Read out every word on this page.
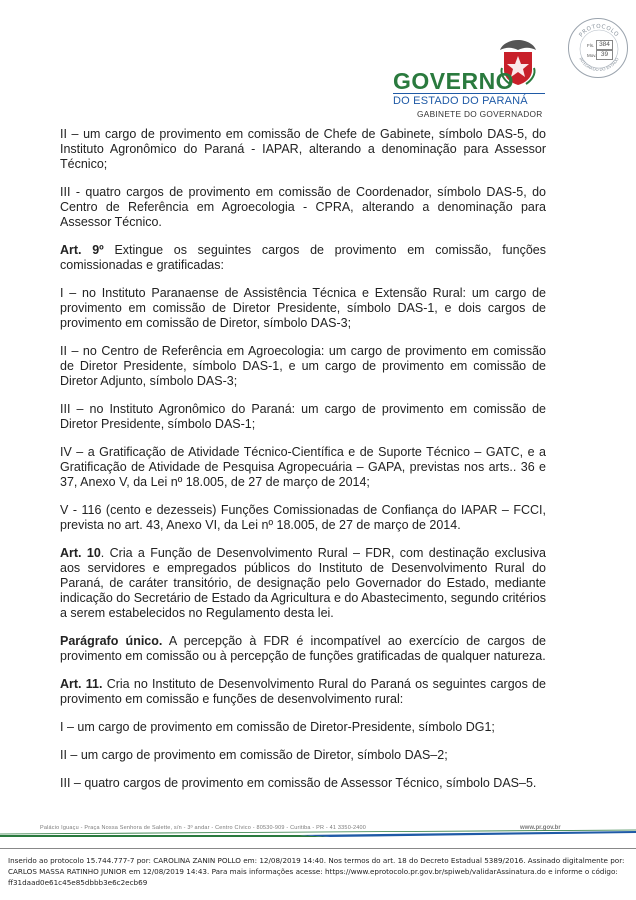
PROTOCOLO
INTEGRADO DO ESTADO
Fls. 384
Mov. 39
GOVERNO
DO ESTADO DO PARANÁ
GABINETE DO GOVERNADOR

II – um cargo de provimento em comissão de Chefe de Gabinete, símbolo DAS-5, do Instituto Agronômico do Paraná - IAPAR, alterando a denominação para Assessor Técnico;

III - quatro cargos de provimento em comissão de Coordenador, símbolo DAS-5, do Centro de Referência em Agroecologia - CPRA, alterando a denominação para Assessor Técnico.

Art. 9º Extingue os seguintes cargos de provimento em comissão, funções comissionadas e gratificadas:

I – no Instituto Paranaense de Assistência Técnica e Extensão Rural: um cargo de provimento em comissão de Diretor Presidente, símbolo DAS-1, e dois cargos de provimento em comissão de Diretor, símbolo DAS-3;

II – no Centro de Referência em Agroecologia: um cargo de provimento em comissão de Diretor Presidente, símbolo DAS-1, e um cargo de provimento em comissão de Diretor Adjunto, símbolo DAS-3;

III – no Instituto Agronômico do Paraná: um cargo de provimento em comissão de Diretor Presidente, símbolo DAS-1;

IV – a Gratificação de Atividade Técnico-Científica e de Suporte Técnico – GATC, e a Gratificação de Atividade de Pesquisa Agropecuária – GAPA, previstas nos arts.. 36 e 37, Anexo V, da Lei nº 18.005, de 27 de março de 2014;

V - 116 (cento e dezesseis) Funções Comissionadas de Confiança do IAPAR – FCCI, prevista no art. 43, Anexo VI, da Lei nº 18.005, de 27 de março de 2014.

Art. 10. Cria a Função de Desenvolvimento Rural – FDR, com destinação exclusiva aos servidores e empregados públicos do Instituto de Desenvolvimento Rural do Paraná, de caráter transitório, de designação pelo Governador do Estado, mediante indicação do Secretário de Estado da Agricultura e do Abastecimento, segundo critérios a serem estabelecidos no Regulamento desta lei.

Parágrafo único. A percepção à FDR é incompatível ao exercício de cargos de provimento em comissão ou à percepção de funções gratificadas de qualquer natureza.

Art. 11. Cria no Instituto de Desenvolvimento Rural do Paraná os seguintes cargos de provimento em comissão e funções de desenvolvimento rural:

I – um cargo de provimento em comissão de Diretor-Presidente, símbolo DG1;

II – um cargo de provimento em comissão de Diretor, símbolo DAS–2;

III – quatro cargos de provimento em comissão de Assessor Técnico, símbolo DAS–5.

Palácio Iguaçu - Praça Nossa Senhora de Salette, s/n - 3º andar - Centro Cívico - 80530-909 - Curitiba - PR - 41 3350-2400	www.pr.gov.br
Inserido ao protocolo 15.744.777-7 por: CAROLINA ZANIN POLLO em: 12/08/2019 14:40. Nos termos do art. 18 do Decreto Estadual 5389/2016. Assinado digitalmente por: CARLOS MASSA RATINHO JUNIOR em 12/08/2019 14:43. Para mais informações acesse: https://www.eprotocolo.pr.gov.br/spiweb/validarAssinatura.do e informe o código: ff31daad0e61c45e85dbbb3e6c2ecb69
